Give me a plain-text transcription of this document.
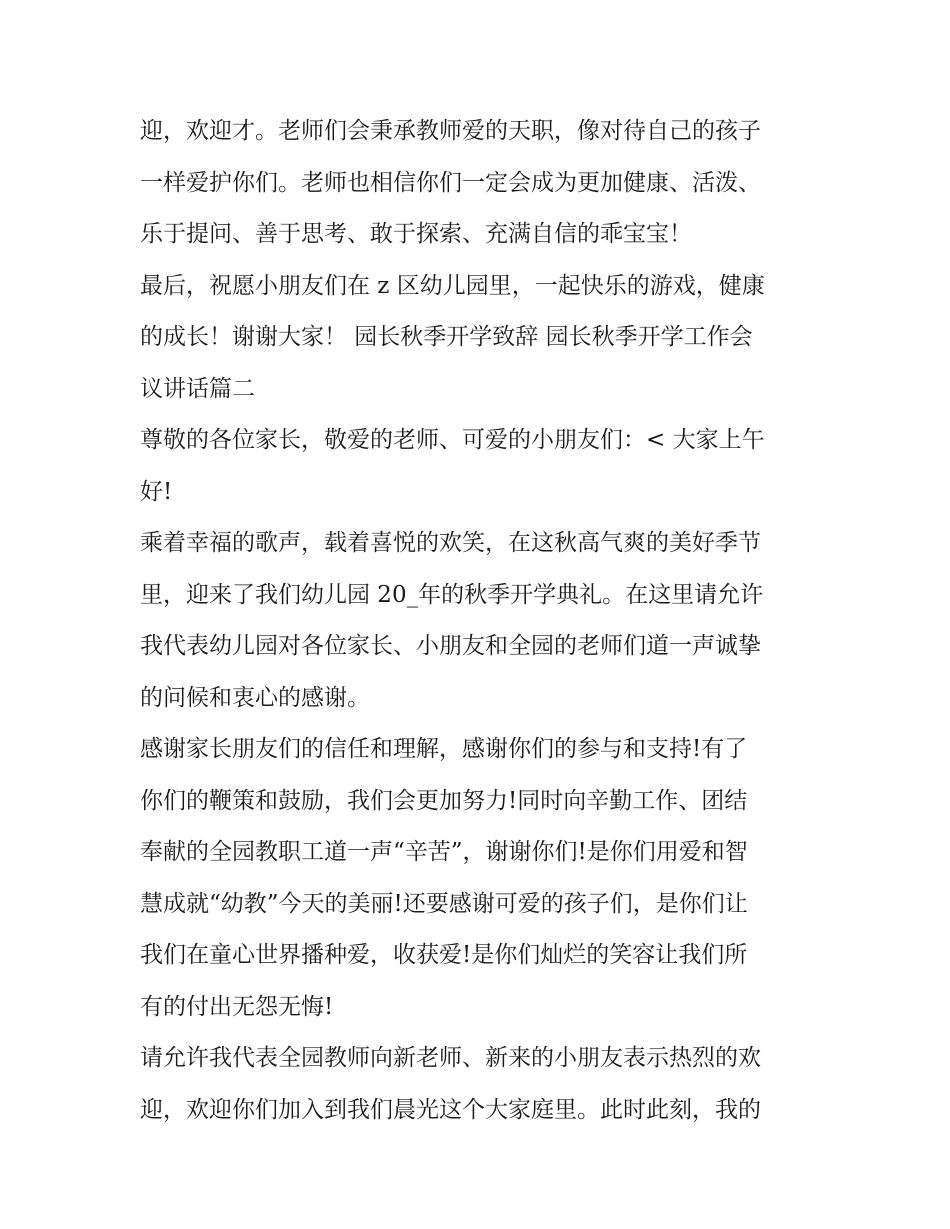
迎，欢迎才。老师们会秉承教师爱的天职，像对待自己的孩子
一样爱护你们。老师也相信你们一定会成为更加健康、活泼、
乐于提问、善于思考、敢于探索、充满自信的乖宝宝！
最后，祝愿小朋友们在 z 区幼儿园里，一起快乐的游戏，健康
的成长！谢谢大家！ 园长秋季开学致辞 园长秋季开学工作会
议讲话篇二
尊敬的各位家长，敬爱的老师、可爱的小朋友们：< 大家上午
好!
乘着幸福的歌声，载着喜悦的欢笑，在这秋高气爽的美好季节
里，迎来了我们幼儿园 20_年的秋季开学典礼。在这里请允许
我代表幼儿园对各位家长、小朋友和全园的老师们道一声诚挚
的问候和衷心的感谢。
感谢家长朋友们的信任和理解，感谢你们的参与和支持!有了
你们的鞭策和鼓励，我们会更加努力!同时向辛勤工作、团结
奉献的全园教职工道一声“辛苦”，谢谢你们!是你们用爱和智
慧成就“幼教”今天的美丽!还要感谢可爱的孩子们，是你们让
我们在童心世界播种爱，收获爱!是你们灿烂的笑容让我们所
有的付出无怨无悔!
请允许我代表全园教师向新老师、新来的小朋友表示热烈的欢
迎，欢迎你们加入到我们晨光这个大家庭里。此时此刻，我的
